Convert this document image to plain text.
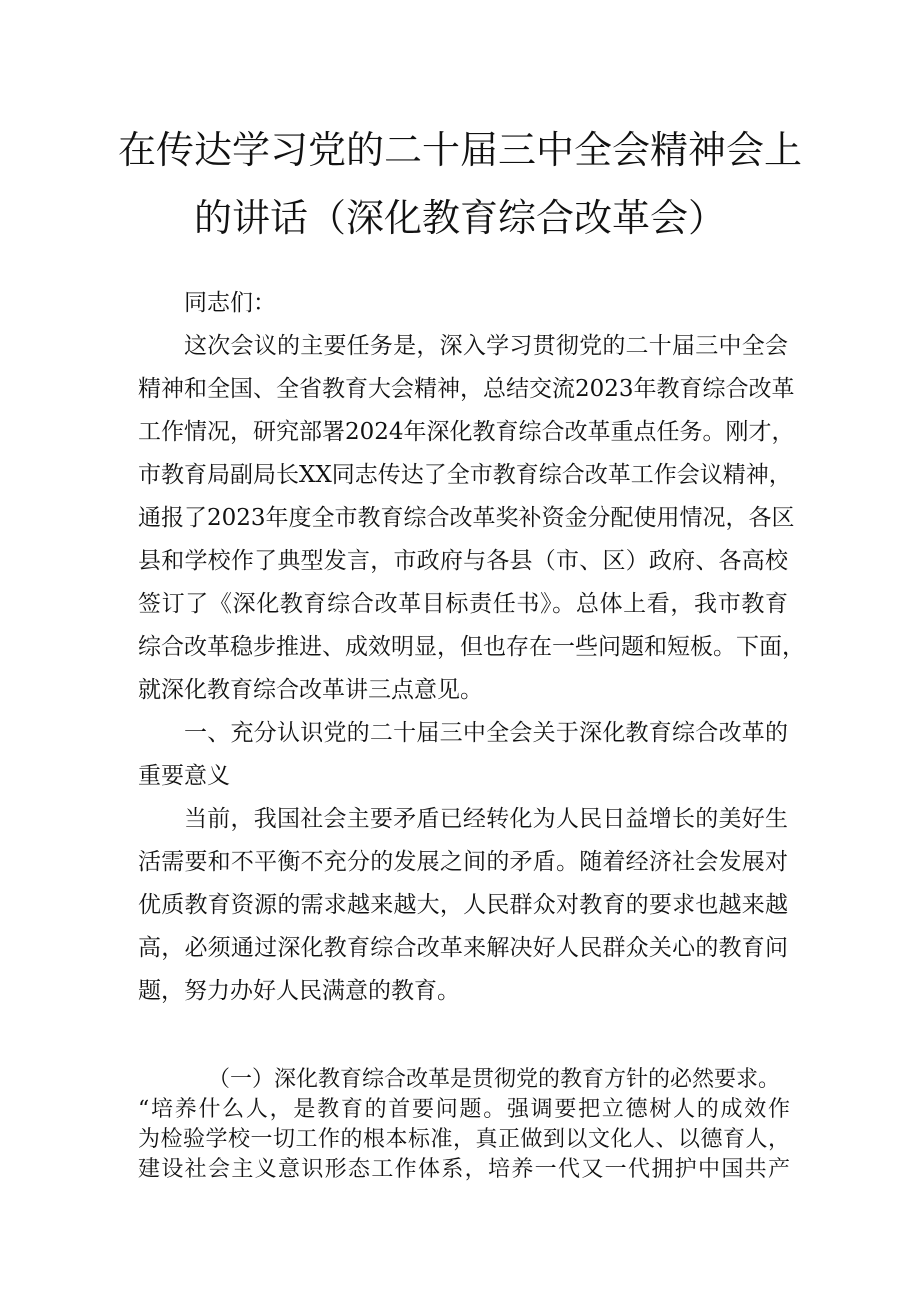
在传达学习党的二十届三中全会精神会上
的讲话（深化教育综合改革会）
同志们：
这次会议的主要任务是，深入学习贯彻党的二十届三中全会
精神和全国、全省教育大会精神，总结交流2023年教育综合改革
工作情况，研究部署2024年深化教育综合改革重点任务。刚才，
市教育局副局长XX同志传达了全市教育综合改革工作会议精神，
通报了2023年度全市教育综合改革奖补资金分配使用情况，各区
县和学校作了典型发言，市政府与各县（市、区）政府、各高校
签订了《深化教育综合改革目标责任书》。总体上看，我市教育
综合改革稳步推进、成效明显，但也存在一些问题和短板。下面，
就深化教育综合改革讲三点意见。
一、充分认识党的二十届三中全会关于深化教育综合改革的
重要意义
当前，我国社会主要矛盾已经转化为人民日益增长的美好生
活需要和不平衡不充分的发展之间的矛盾。随着经济社会发展对
优质教育资源的需求越来越大，人民群众对教育的要求也越来越
高，必须通过深化教育综合改革来解决好人民群众关心的教育问
题，努力办好人民满意的教育。
（一）深化教育综合改革是贯彻党的教育方针的必然要求。
“培养什么人，是教育的首要问题。强调要把立德树人的成效作
为检验学校一切工作的根本标准，真正做到以文化人、以德育人，
建设社会主义意识形态工作体系，培养一代又一代拥护中国共产
